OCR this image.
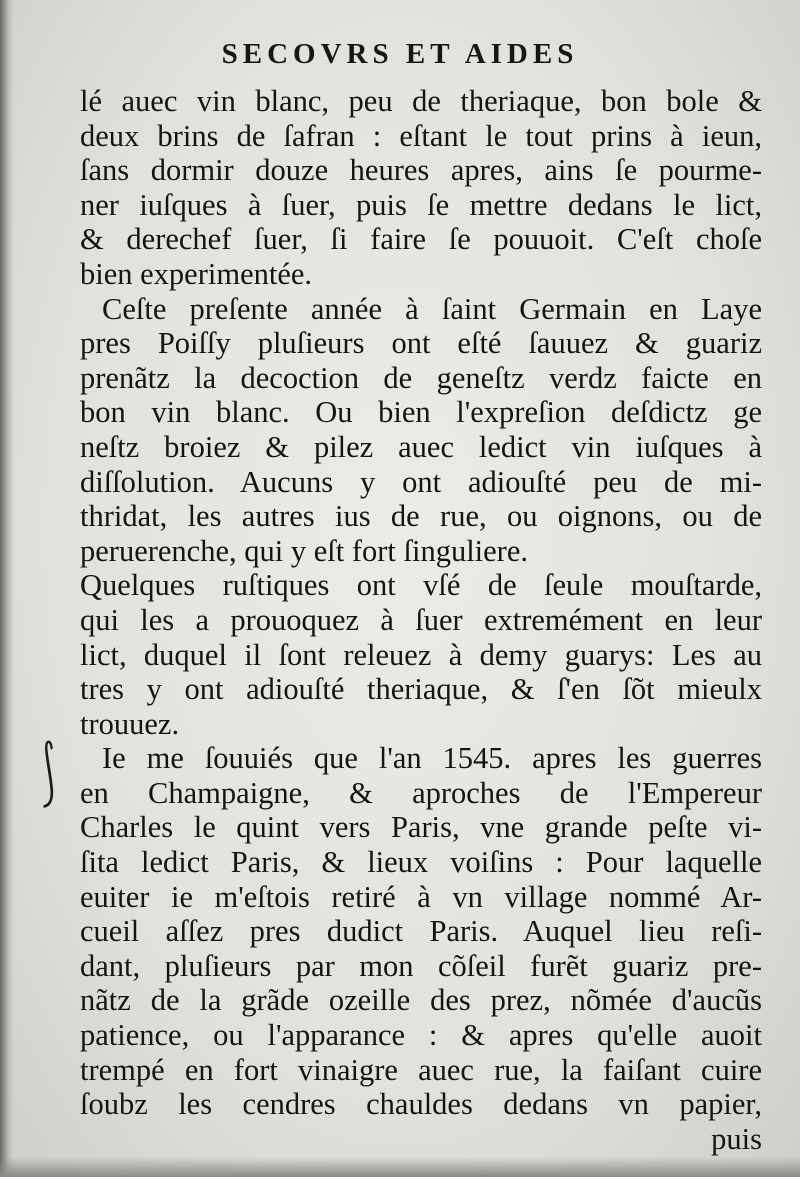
SECOVRS ET AIDES
⟆
lé auec vin blanc, peu de theriaque, bon bole &
deux brins de ſafran : eſtant le tout prins à ieun,
ſans dormir douze heures apres, ains ſe pourme-
ner iuſques à ſuer, puis ſe mettre dedans le lict,
& derechef ſuer, ſi faire ſe pouuoit. C'eſt choſe
bien experimentée.
Ceſte preſente année à ſaint Germain en Laye
pres Poiſſy pluſieurs ont eſté ſauuez & guariz
prenãtz la decoction de geneſtz verdz faicte en
bon vin blanc. Ou bien l'expreſion deſdictz ge
neſtz broiez & pilez auec ledict vin iuſques à
diſſolution. Aucuns y ont adiouſté peu de mi-
thridat, les autres ius de rue, ou oignons, ou de
peruerenche, qui y eſt fort ſinguliere.
Quelques ruſtiques ont vſé de ſeule mouſtarde,
qui les a prouoquez à ſuer extremément en leur
lict, duquel il ſont releuez à demy guarys: Les au
tres y ont adiouſté theriaque, & ſ'en ſõt mieulx
trouuez.
Ie me ſouuiés que l'an 1545. apres les guerres
en Champaigne, & aproches de l'Empereur
Charles le quint vers Paris, vne grande peſte vi-
ſita ledict Paris, & lieux voiſins : Pour laquelle
euiter ie m'eſtois retiré à vn village nommé Ar-
cueil aſſez pres dudict Paris. Auquel lieu reſi-
dant, pluſieurs par mon cõſeil furẽt guariz pre-
nãtz de la grãde ozeille des prez, nõmée d'aucũs
patience, ou l'apparance : & apres qu'elle auoit
trempé en fort vinaigre auec rue, la faiſant cuire
ſoubz les cendres chauldes dedans vn papier,
puis
